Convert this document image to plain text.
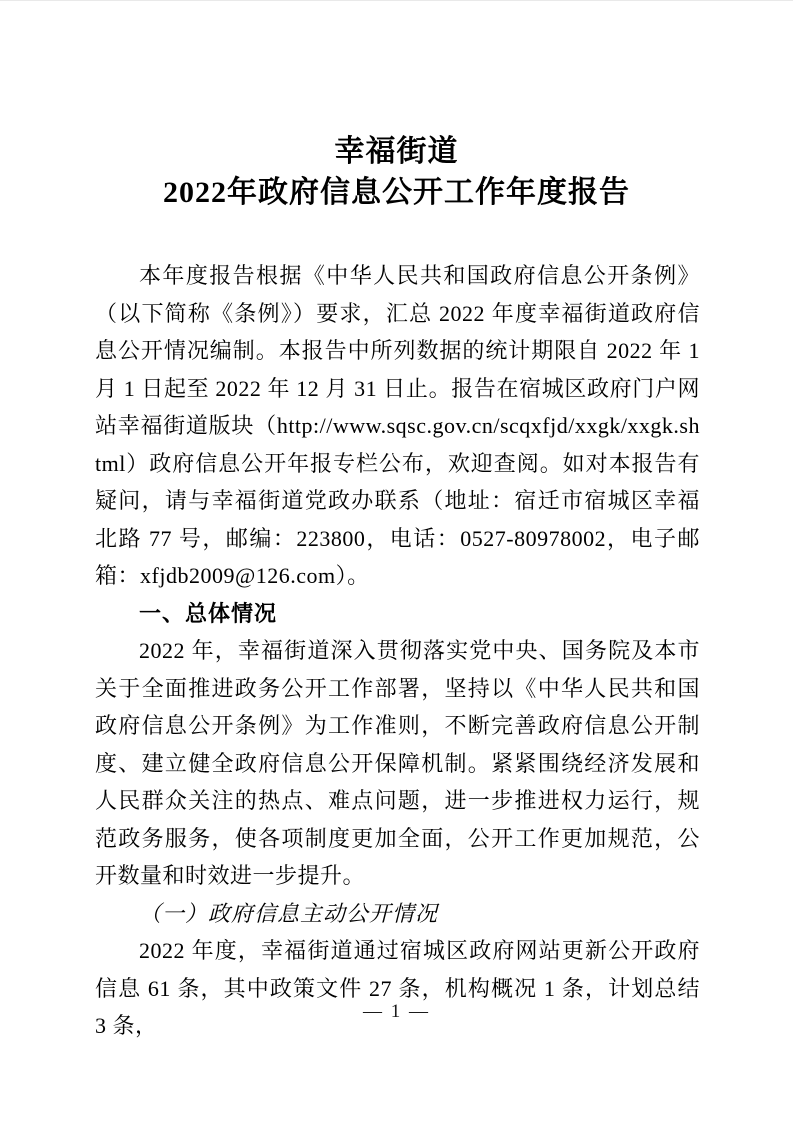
幸福街道
2022年政府信息公开工作年度报告

本年度报告根据《中华人民共和国政府信息公开条例》（以下简称《条例》）要求，汇总 2022 年度幸福街道政府信息公开情况编制。本报告中所列数据的统计期限自 2022 年 1 月 1 日起至 2022 年 12 月 31 日止。报告在宿城区政府门户网站幸福街道版块（http://www.sqsc.gov.cn/scqxfjd/xxgk/xxgk.shtml）政府信息公开年报专栏公布，欢迎查阅。如对本报告有疑问，请与幸福街道党政办联系（地址：宿迁市宿城区幸福北路 77 号，邮编：223800，电话：0527-80978002，电子邮箱：xfjdb2009@126.com）。

一、总体情况

2022 年，幸福街道深入贯彻落实党中央、国务院及本市关于全面推进政务公开工作部署，坚持以《中华人民共和国政府信息公开条例》为工作准则，不断完善政府信息公开制度、建立健全政府信息公开保障机制。紧紧围绕经济发展和人民群众关注的热点、难点问题，进一步推进权力运行，规范政务服务，使各项制度更加全面，公开工作更加规范，公开数量和时效进一步提升。

（一）政府信息主动公开情况

2022 年度，幸福街道通过宿城区政府网站更新公开政府信息 61 条，其中政策文件 27 条，机构概况 1 条，计划总结 3 条，

— 1 —
